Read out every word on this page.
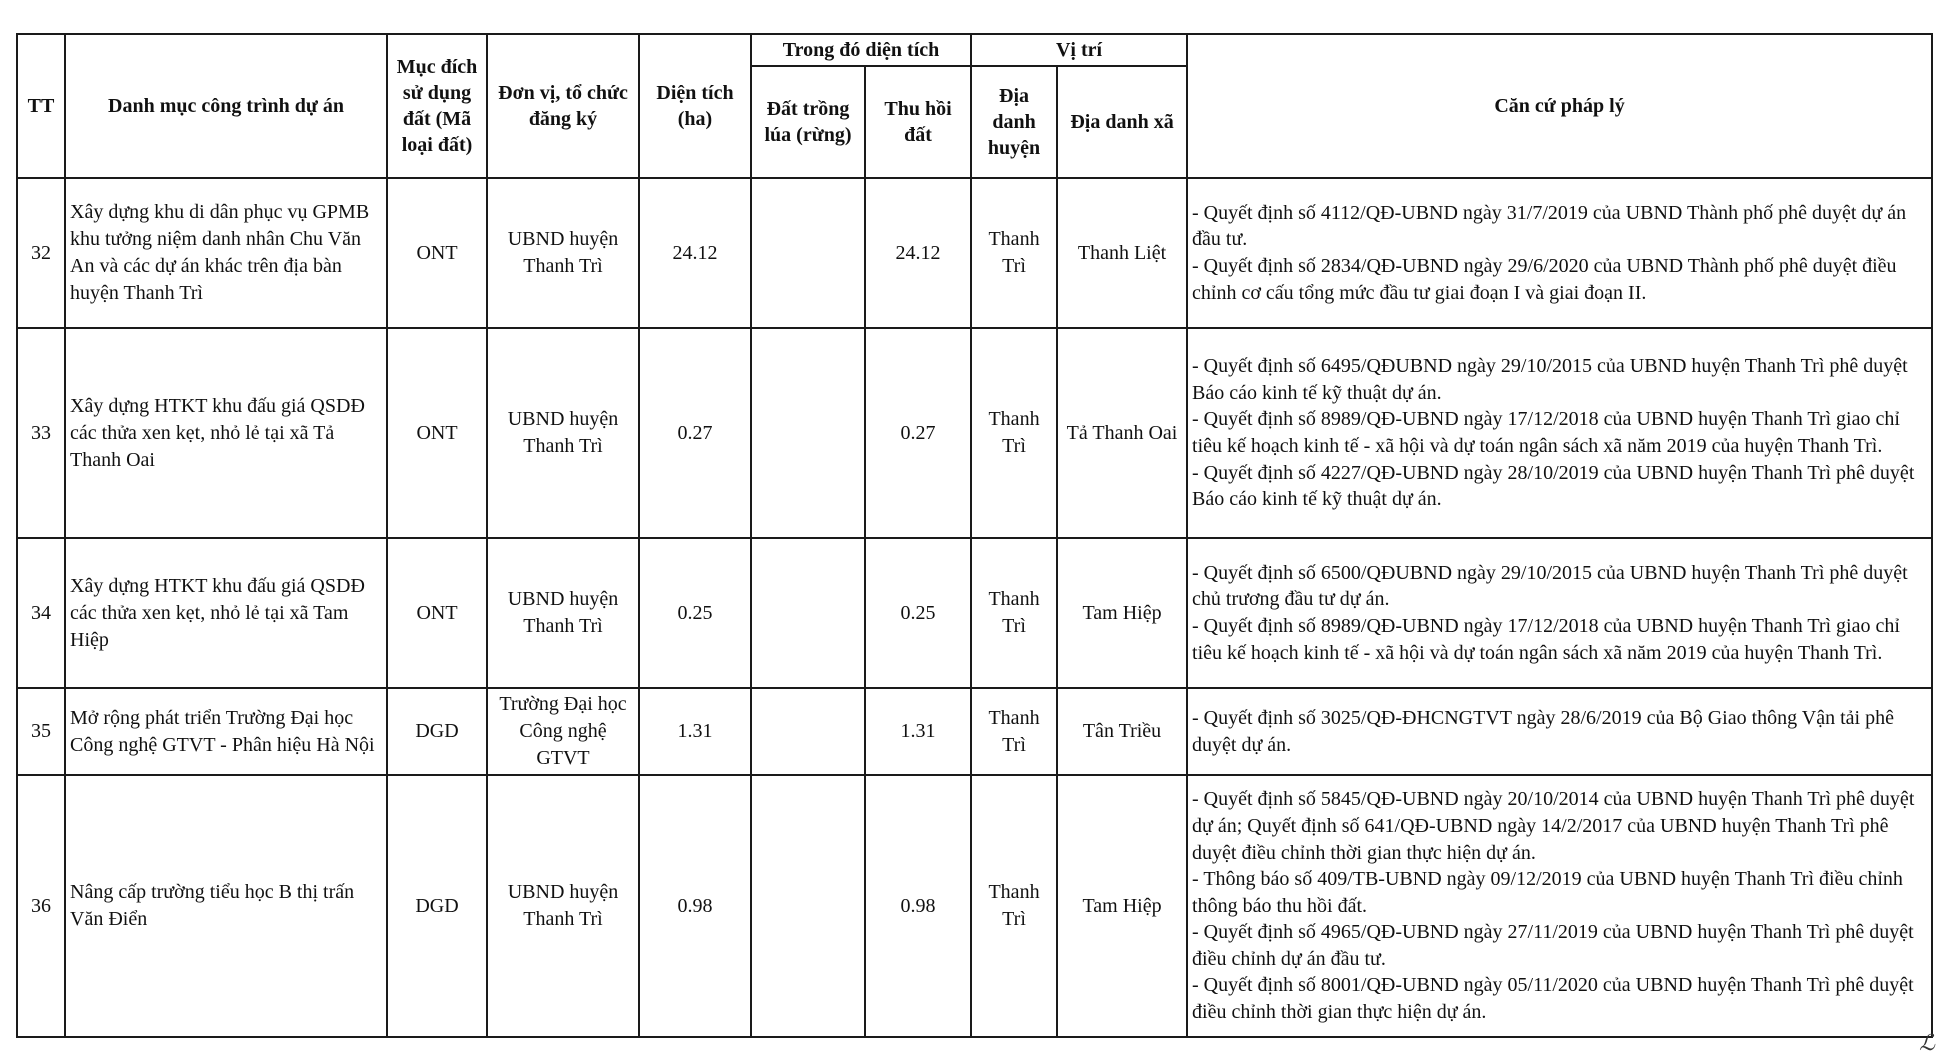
TT	Danh mục công trình dự án	Mục đích sử dụng đất (Mã loại đất)	Đơn vị, tổ chức đăng ký	Diện tích (ha)	Trong đó diện tích		Vị trí		Căn cứ pháp lý
					Đất trồng lúa (rừng)	Thu hồi đất	Địa danh huyện	Địa danh xã	

32	Xây dựng khu di dân phục vụ GPMB khu tưởng niệm danh nhân Chu Văn An và các dự án khác trên địa bàn huyện Thanh Trì	ONT	UBND huyện Thanh Trì	24.12		24.12	Thanh Trì	Thanh Liệt	- Quyết định số 4112/QĐ-UBND ngày 31/7/2019 của UBND Thành phố phê duyệt dự án đầu tư.
- Quyết định số 2834/QĐ-UBND ngày 29/6/2020 của UBND Thành phố phê duyệt điều chỉnh cơ cấu tổng mức đầu tư giai đoạn I và giai đoạn II.
33	Xây dựng HTKT khu đấu giá QSDĐ các thửa xen kẹt, nhỏ lẻ tại xã Tả Thanh Oai	ONT	UBND huyện Thanh Trì	0.27		0.27	Thanh Trì	Tả Thanh Oai	- Quyết định số 6495/QĐUBND ngày 29/10/2015 của UBND huyện Thanh Trì phê duyệt Báo cáo kinh tế kỹ thuật dự án.
- Quyết định số 8989/QĐ-UBND ngày 17/12/2018 của UBND huyện Thanh Trì giao chỉ tiêu kế hoạch kinh tế - xã hội và dự toán ngân sách xã năm 2019 của huyện Thanh Trì.
- Quyết định số 4227/QĐ-UBND ngày 28/10/2019 của UBND huyện Thanh Trì phê duyệt Báo cáo kinh tế kỹ thuật dự án.
34	Xây dựng HTKT khu đấu giá QSDĐ các thửa xen kẹt, nhỏ lẻ tại xã Tam Hiệp	ONT	UBND huyện Thanh Trì	0.25		0.25	Thanh Trì	Tam Hiệp	- Quyết định số 6500/QĐUBND ngày 29/10/2015 của UBND huyện Thanh Trì phê duyệt chủ trương đầu tư dự án.
- Quyết định số 8989/QĐ-UBND ngày 17/12/2018 của UBND huyện Thanh Trì giao chỉ tiêu kế hoạch kinh tế - xã hội và dự toán ngân sách xã năm 2019 của huyện Thanh Trì.
35	Mở rộng phát triển Trường Đại học Công nghệ GTVT - Phân hiệu Hà Nội	DGD	Trường Đại học Công nghệ GTVT	1.31		1.31	Thanh Trì	Tân Triều	- Quyết định số 3025/QĐ-ĐHCNGTVT ngày 28/6/2019 của Bộ Giao thông Vận tải phê duyệt dự án.
36	Nâng cấp trường tiểu học B thị trấn Văn Điển	DGD	UBND huyện Thanh Trì	0.98		0.98	Thanh Trì	Tam Hiệp	- Quyết định số 5845/QĐ-UBND ngày 20/10/2014 của UBND huyện Thanh Trì phê duyệt dự án; Quyết định số 641/QĐ-UBND ngày 14/2/2017 của UBND huyện Thanh Trì phê duyệt điều chỉnh thời gian thực hiện dự án.
- Thông báo số 409/TB-UBND ngày 09/12/2019 của UBND huyện Thanh Trì điều chỉnh thông báo thu hồi đất.
- Quyết định số 4965/QĐ-UBND ngày 27/11/2019 của UBND huyện Thanh Trì phê duyệt điều chỉnh dự án đầu tư.
- Quyết định số 8001/QĐ-UBND ngày 05/11/2020 của UBND huyện Thanh Trì phê duyệt điều chỉnh thời gian thực hiện dự án.
ℒ
